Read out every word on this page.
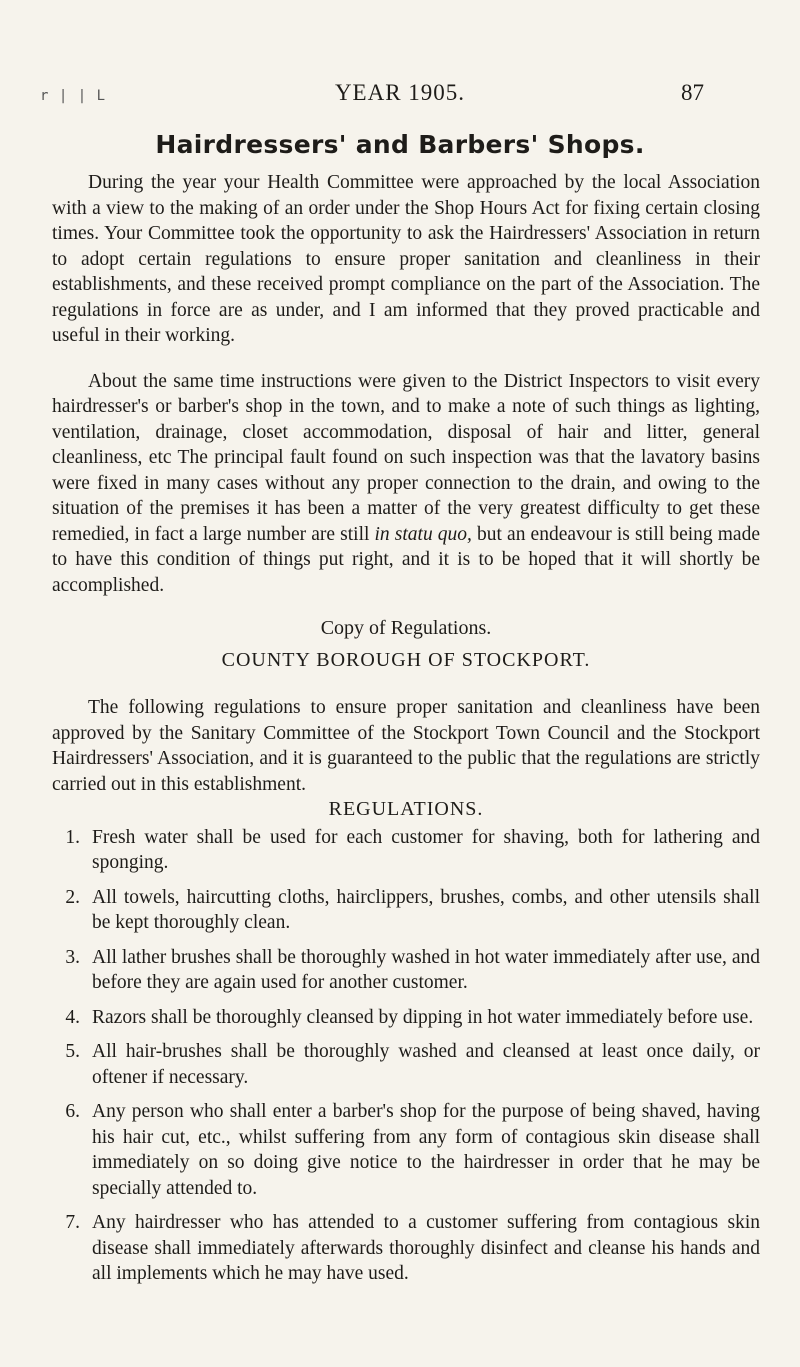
r | | L	YEAR 1905.	87
Hairdressers' and Barbers' Shops.

During the year your Health Committee were approached by the local Association with a view to the making of an order under the Shop Hours Act for fixing certain closing times. Your Committee took the opportunity to ask the Hairdressers' Association in return to adopt certain regulations to ensure proper sanitation and cleanliness in their establishments, and these received prompt compliance on the part of the Association. The regulations in force are as under, and I am informed that they proved practicable and useful in their working.

About the same time instructions were given to the District Inspectors to visit every hairdresser's or barber's shop in the town, and to make a note of such things as lighting, ventilation, drainage, closet accommodation, disposal of hair and litter, general cleanliness, etc The principal fault found on such inspection was that the lavatory basins were fixed in many cases without any proper connection to the drain, and owing to the situation of the premises it has been a matter of the very greatest difficulty to get these remedied, in fact a large number are still in statu quo, but an endeavour is still being made to have this condition of things put right, and it is to be hoped that it will shortly be accomplished.

Copy of Regulations.
COUNTY BOROUGH OF STOCKPORT.

The following regulations to ensure proper sanitation and cleanliness have been approved by the Sanitary Committee of the Stockport Town Council and the Stockport Hairdressers' Association, and it is guaranteed to the public that the regulations are strictly carried out in this establishment.

REGULATIONS.
1. Fresh water shall be used for each customer for shaving, both for lathering and sponging.
2. All towels, haircutting cloths, hairclippers, brushes, combs, and other utensils shall be kept thoroughly clean.
3. All lather brushes shall be thoroughly washed in hot water immediately after use, and before they are again used for another customer.
4. Razors shall be thoroughly cleansed by dipping in hot water immediately before use.
5. All hair-brushes shall be thoroughly washed and cleansed at least once daily, or oftener if necessary.
6. Any person who shall enter a barber's shop for the purpose of being shaved, having his hair cut, etc., whilst suffering from any form of contagious skin disease shall immediately on so doing give notice to the hairdresser in order that he may be specially attended to.
7. Any hairdresser who has attended to a customer suffering from contagious skin disease shall immediately afterwards thoroughly disinfect and cleanse his hands and all implements which he may have used.
